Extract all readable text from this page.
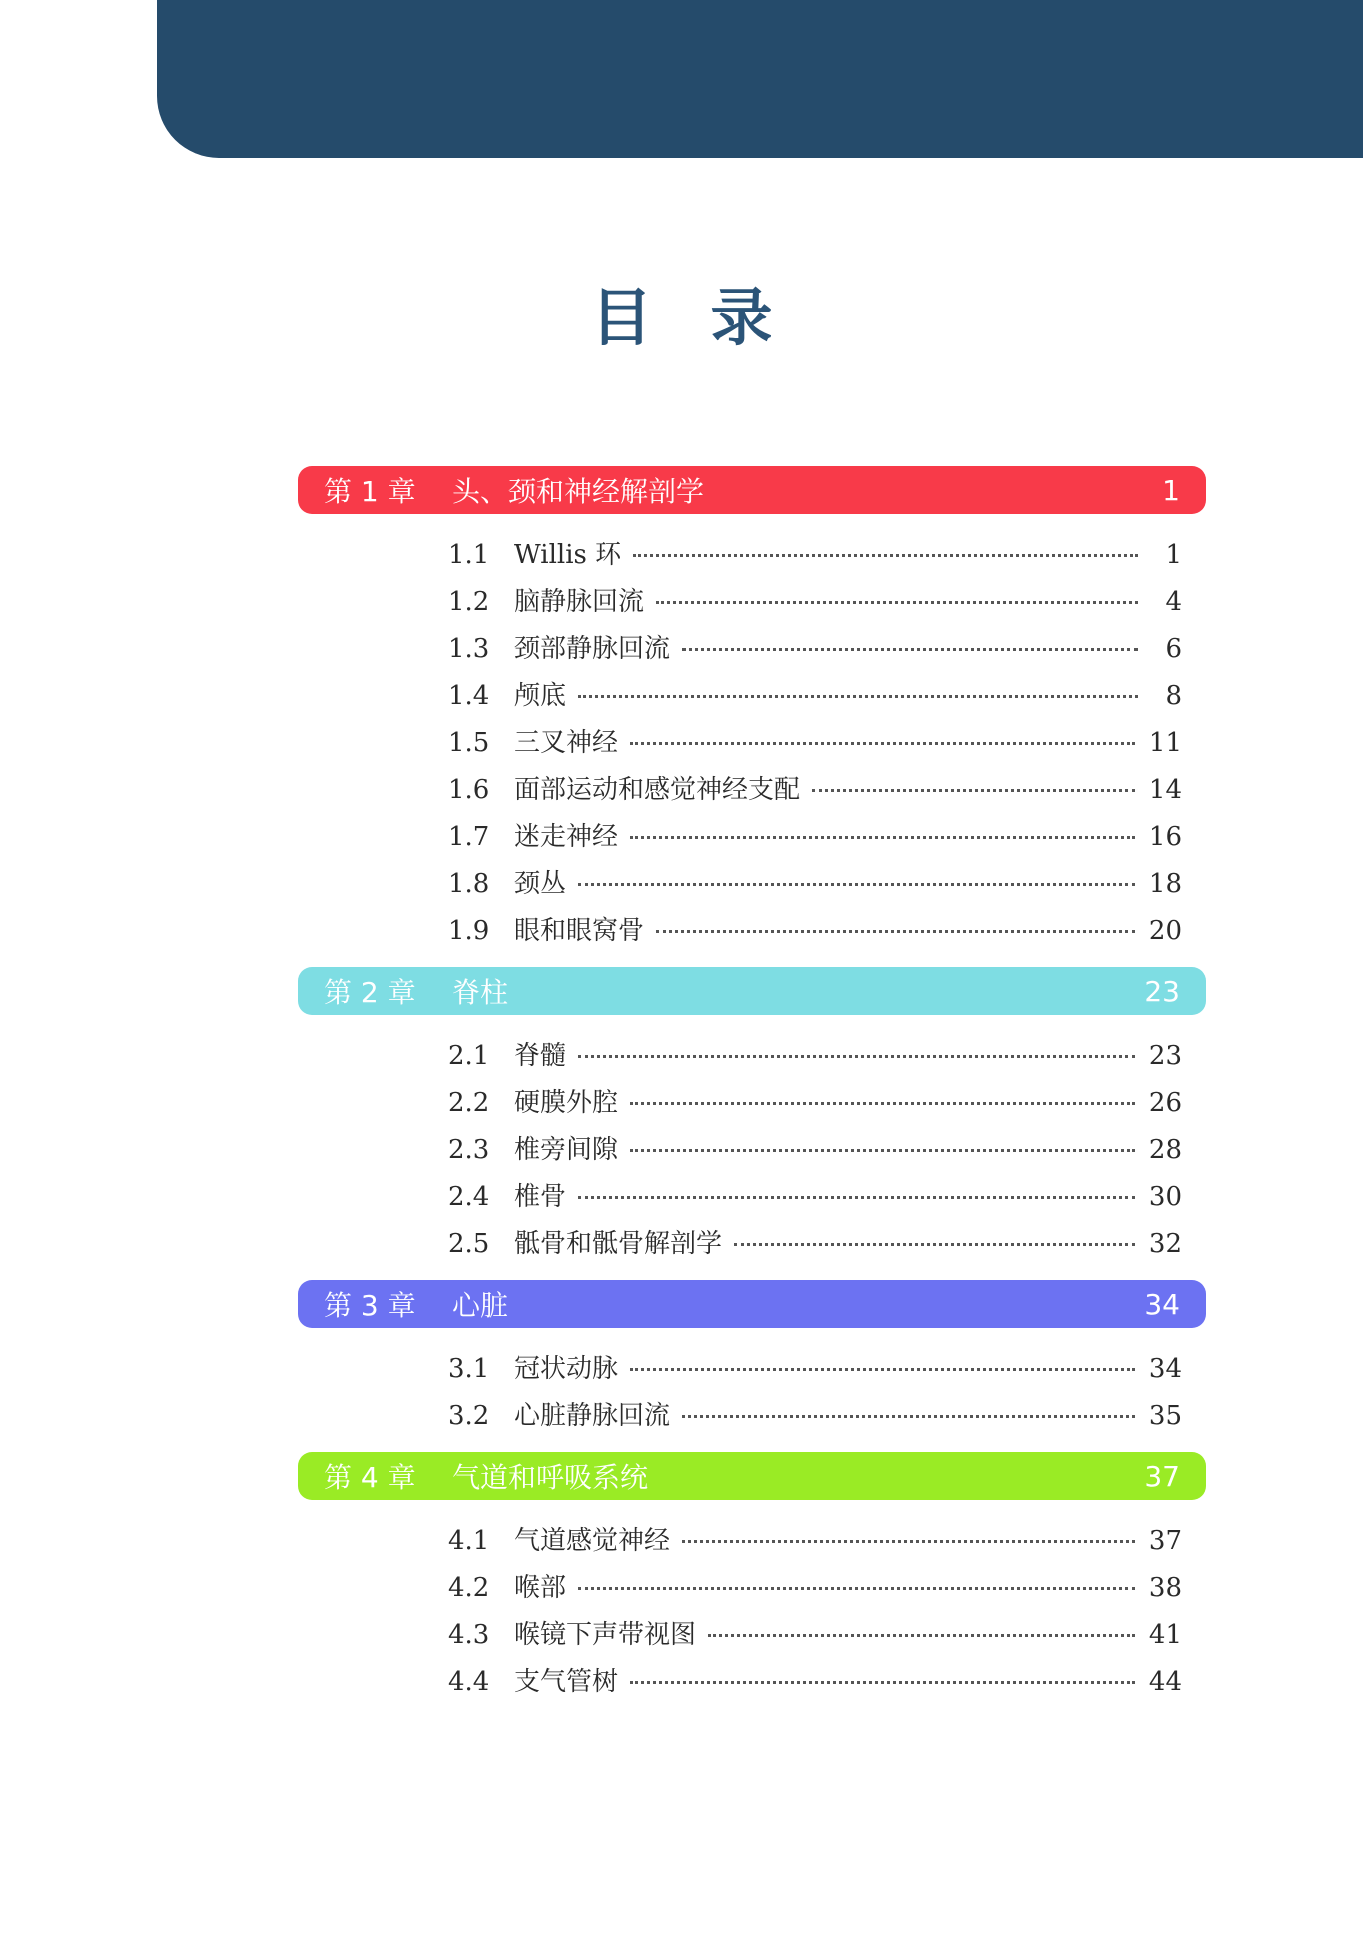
目录
第 1 章	头、颈和神经解剖学	1
1.1 Willis 环	1
1.2 脑静脉回流	4
1.3 颈部静脉回流	6
1.4 颅底	8
1.5 三叉神经	11
1.6 面部运动和感觉神经支配	14
1.7 迷走神经	16
1.8 颈丛	18
1.9 眼和眼窝骨	20
第 2 章	脊柱	23
2.1 脊髓	23
2.2 硬膜外腔	26
2.3 椎旁间隙	28
2.4 椎骨	30
2.5 骶骨和骶骨解剖学	32
第 3 章	心脏	34
3.1 冠状动脉	34
3.2 心脏静脉回流	35
第 4 章	气道和呼吸系统	37
4.1 气道感觉神经	37
4.2 喉部	38
4.3 喉镜下声带视图	41
4.4 支气管树	44
